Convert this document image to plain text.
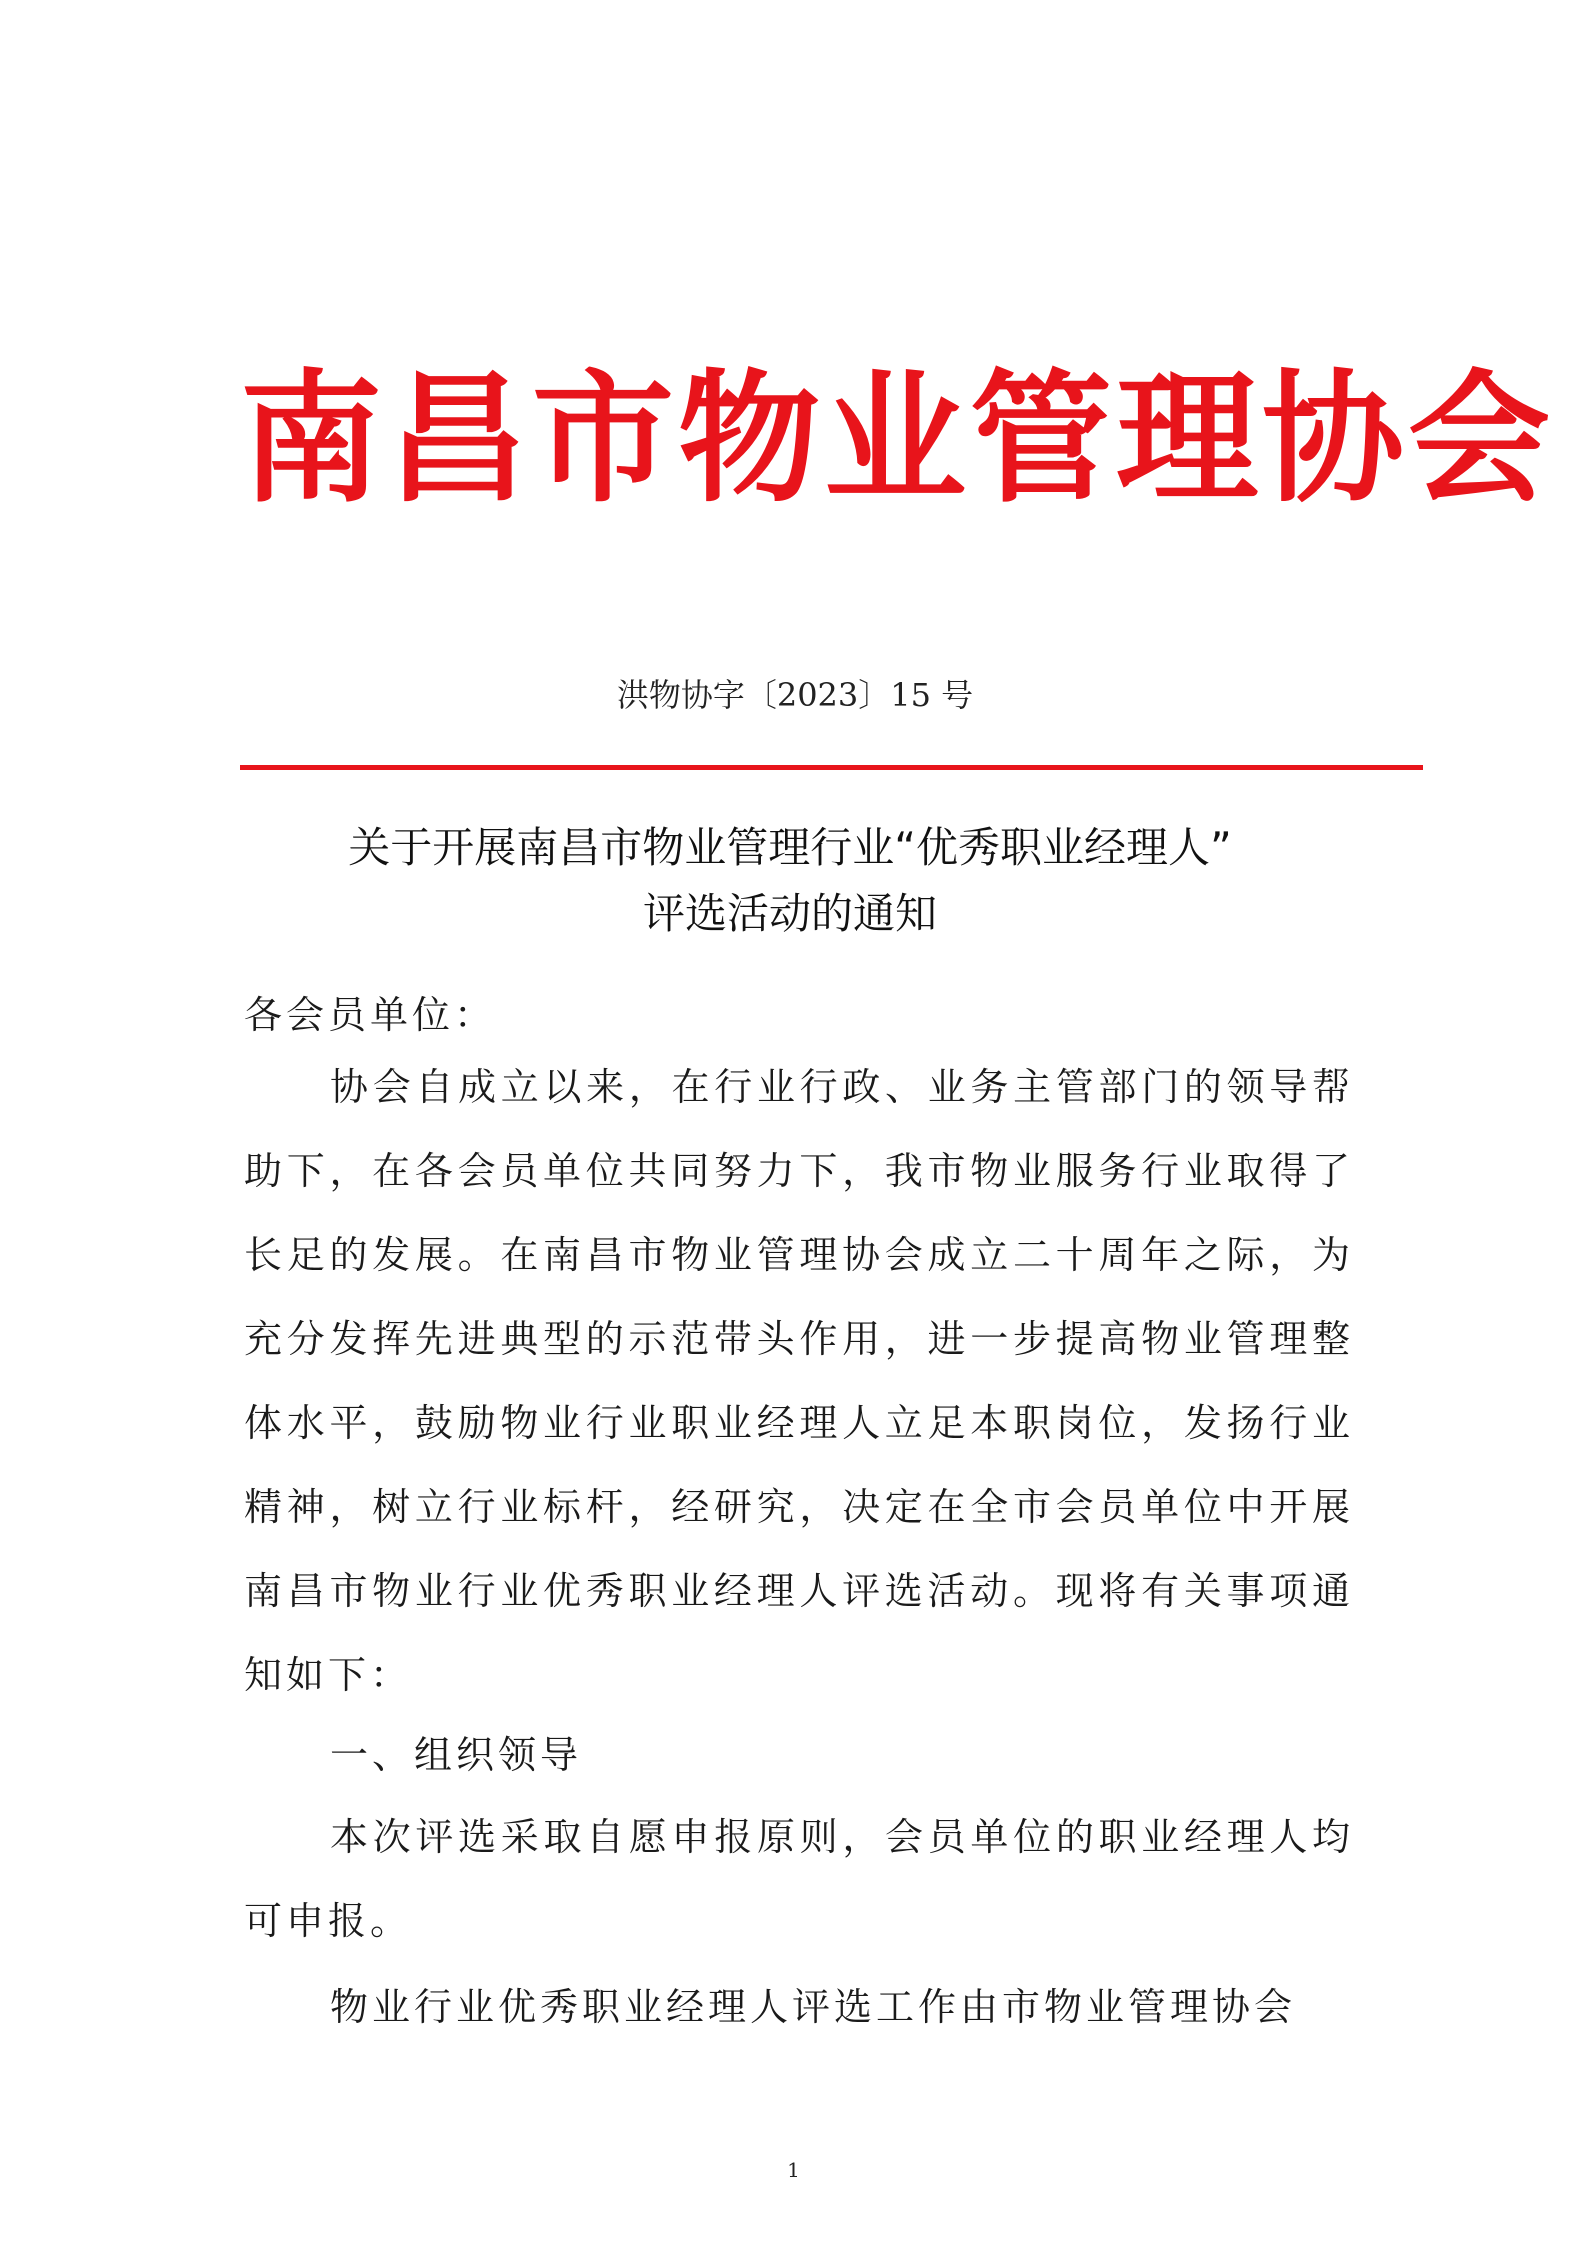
南昌市物业管理协会
洪物协字〔2023〕15 号
关于开展南昌市物业管理行业“优秀职业经理人”
评选活动的通知
各会员单位：

协会自成立以来，在行业行政、业务主管部门的领导帮助下，在各会员单位共同努力下，我市物业服务行业取得了长足的发展。在南昌市物业管理协会成立二十周年之际，为充分发挥先进典型的示范带头作用，进一步提高物业管理整体水平，鼓励物业行业职业经理人立足本职岗位，发扬行业精神，树立行业标杆，经研究，决定在全市会员单位中开展南昌市物业行业优秀职业经理人评选活动。现将有关事项通知如下：

一、组织领导

本次评选采取自愿申报原则，会员单位的职业经理人均可申报。

物业行业优秀职业经理人评选工作由市物业管理协会

1
